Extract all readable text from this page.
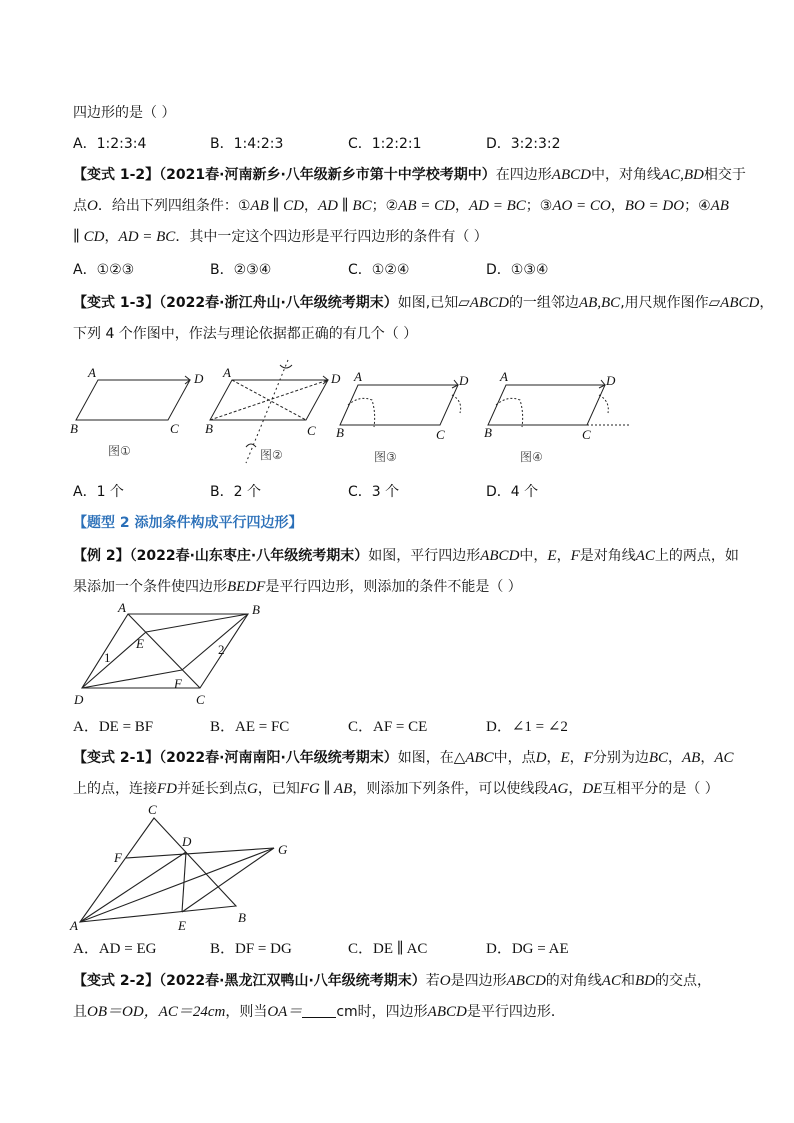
四边形的是（ ）
A．1:2:3:4	B．1:4:2:3	C．1:2:2:1	D．3:2:3:2
【变式 1-2】（2021春·河南新乡·八年级新乡市第十中学校考期中）在四边形ABCD中，对角线AC,BD相交于
点O．给出下列四组条件：①AB ∥ CD，AD ∥ BC；②AB = CD，AD = BC；③AO = CO，BO = DO；④AB
∥ CD，AD = BC．其中一定这个四边形是平行四边形的条件有（ ）
A．①②③	B．②③④	C．①②④	D．①③④
【变式 1-3】（2022春·浙江舟山·八年级统考期末）如图,已知▱ABCD的一组邻边AB,BC,用尺规作图作▱ABCD，
下列 4 个作图中，作法与理论依据都正确的有几个（ ）
A	D
B	C
A	D
B	C
A	D
B	C
A	D
B	C
图①	图②	图③	图④
A．1 个	B．2 个	C．3 个	D．4 个
【题型 2 添加条件构成平行四边形】
【例 2】（2022春·山东枣庄·八年级统考期末）如图，平行四边形ABCD中，E，F是对角线AC上的两点，如
果添加一个条件使四边形BEDF是平行四边形，则添加的条件不能是（ ）
A	B
D	C
E
F
1
2
A．DE = BF	B．AE = FC	C．AF = CE	D．∠1 = ∠2
【变式 2-1】（2022春·河南南阳·八年级统考期末）如图，在△ABC中，点D，E，F分别为边BC，AB，AC
上的点，连接FD并延长到点G，已知FG ∥ AB，则添加下列条件，可以使线段AG，DE互相平分的是（ ）
C
F
D
G
A	E
B
A．AD = EG	B．DF = DG	C．DE ∥ AC	D．DG = AE
【变式 2-2】（2022春·黑龙江双鸭山·八年级统考期末）若O是四边形ABCD的对角线AC和BD的交点，
且OB＝OD，AC＝24cm，则当OA＝ cm时，四边形ABCD是平行四边形．
